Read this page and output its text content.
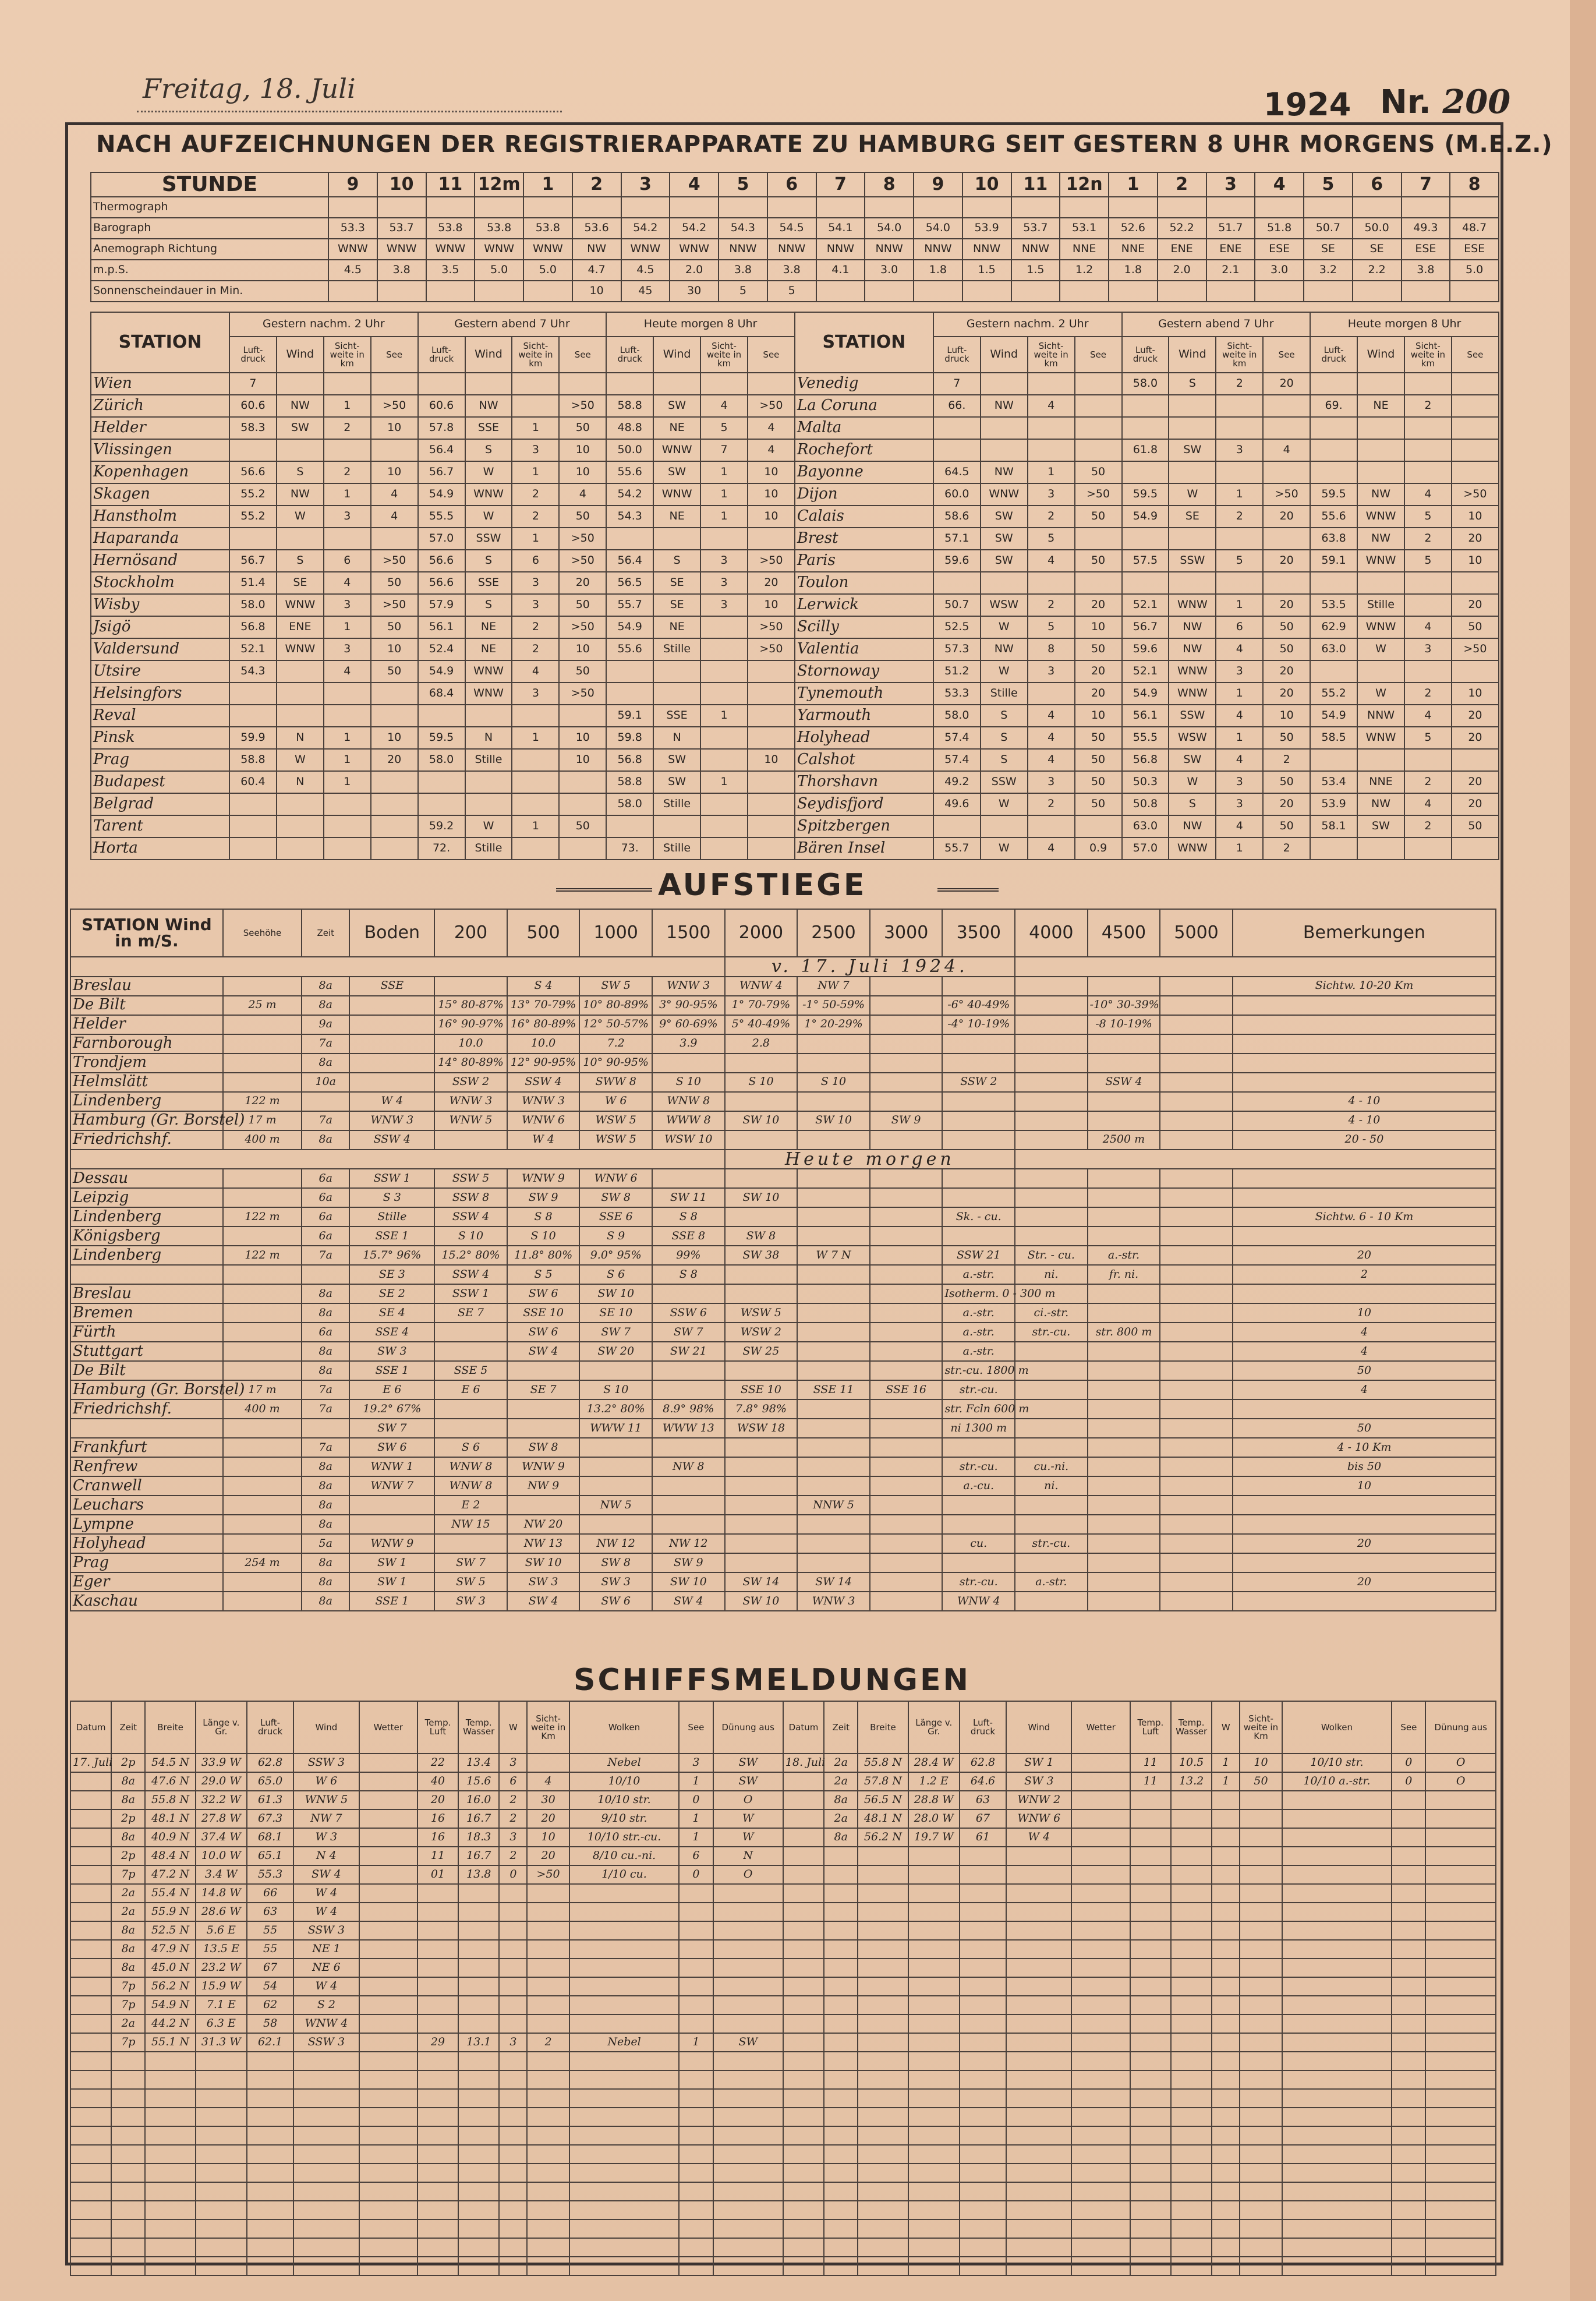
Freitag, 18. Juli	1924 Nr. 200
NACH AUFZEICHNUNGEN DER REGISTRIERAPPARATE ZU HAMBURG SEIT GESTERN 8 UHR MORGENS (M.E.Z.)
STUNDE	9	10	11	12m	1	2	3	4	5	6	7	8	9	10	11	12n	1	2	3	4	5	6	7	8
Thermograph																								
Barograph	53.3	53.7	53.8	53.8	53.8	53.6	54.2	54.2	54.3	54.5	54.1	54.0	54.0	53.9	53.7	53.1	52.6	52.2	51.7	51.8	50.7	50.0	49.3	48.7
Anemograph Richtung	WNW	WNW	WNW	WNW	WNW	NW	WNW	WNW	NNW	NNW	NNW	NNW	NNW	NNW	NNW	NNE	NNE	ENE	ENE	ESE	SE	SE	ESE	ESE
m.p.S.	4.5	3.8	3.5	5.0	5.0	4.7	4.5	2.0	3.8	3.8	4.1	3.0	1.8	1.5	1.5	1.2	1.8	2.0	2.1	3.0	3.2	2.2	3.8	5.0
Sonnenscheindauer in Min.						10	45	30	5	5														
STATION	Gestern nachm. 2 Uhr				Gestern abend 7 Uhr				Heute morgen 8 Uhr				STATION	Gestern nachm. 2 Uhr				Gestern abend 7 Uhr				Heute morgen 8 Uhr			
	Luft-druck	Wind	Sicht-weite in km	See	Luft-druck	Wind	Sicht-weite in km	See	Luft-druck	Wind	Sicht-weite in km	See		Luft-druck	Wind	Sicht-weite in km	See	Luft-druck	Wind	Sicht-weite in km	See	Luft-druck	Wind	Sicht-weite in km	See
Wien	7												Venedig	7				58.0	S	2	20				
Zürich	60.6	NW	1	>50	60.6	NW		>50	58.8	SW	4	>50	La Coruna	66.	NW	4						69.	NE	2	
Helder	58.3	SW	2	10	57.8	SSE	1	50	48.8	NE	5	4	Malta												
Vlissingen					56.4	S	3	10	50.0	WNW	7	4	Rochefort					61.8	SW	3	4				
Kopenhagen	56.6	S	2	10	56.7	W	1	10	55.6	SW	1	10	Bayonne	64.5	NW	1	50								
Skagen	55.2	NW	1	4	54.9	WNW	2	4	54.2	WNW	1	10	Dijon	60.0	WNW	3	>50	59.5	W	1	>50	59.5	NW	4	>50
Hanstholm	55.2	W	3	4	55.5	W	2	50	54.3	NE	1	10	Calais	58.6	SW	2	50	54.9	SE	2	20	55.6	WNW	5	10
Haparanda					57.0	SSW	1	>50					Brest	57.1	SW	5						63.8	NW	2	20
Hernösand	56.7	S	6	>50	56.6	S	6	>50	56.4	S	3	>50	Paris	59.6	SW	4	50	57.5	SSW	5	20	59.1	WNW	5	10
Stockholm	51.4	SE	4	50	56.6	SSE	3	20	56.5	SE	3	20	Toulon												
Wisby	58.0	WNW	3	>50	57.9	S	3	50	55.7	SE	3	10	Lerwick	50.7	WSW	2	20	52.1	WNW	1	20	53.5	Stille		20
Jsigö	56.8	ENE	1	50	56.1	NE	2	>50	54.9	NE		>50	Scilly	52.5	W	5	10	56.7	NW	6	50	62.9	WNW	4	50
Valdersund	52.1	WNW	3	10	52.4	NE	2	10	55.6	Stille		>50	Valentia	57.3	NW	8	50	59.6	NW	4	50	63.0	W	3	>50
Utsire	54.3		4	50	54.9	WNW	4	50					Stornoway	51.2	W	3	20	52.1	WNW	3	20				
Helsingfors					68.4	WNW	3	>50					Tynemouth	53.3	Stille		20	54.9	WNW	1	20	55.2	W	2	10
Reval									59.1	SSE	1		Yarmouth	58.0	S	4	10	56.1	SSW	4	10	54.9	NNW	4	20
Pinsk	59.9	N	1	10	59.5	N	1	10	59.8	N			Holyhead	57.4	S	4	50	55.5	WSW	1	50	58.5	WNW	5	20
Prag	58.8	W	1	20	58.0	Stille		10	56.8	SW		10	Calshot	57.4	S	4	50	56.8	SW	4	2				
Budapest	60.4	N	1						58.8	SW	1		Thorshavn	49.2	SSW	3	50	50.3	W	3	50	53.4	NNE	2	20
Belgrad									58.0	Stille			Seydisfjord	49.6	W	2	50	50.8	S	3	20	53.9	NW	4	20
Tarent					59.2	W	1	50					Spitzbergen					63.0	NW	4	50	58.1	SW	2	50
Horta					72.	Stille			73.	Stille			Bären Insel	55.7	W	4	0.9	57.0	WNW	1	2				
AUFSTIEGE
STATION Wind in m/S.	Seehöhe	Zeit	Boden	200	500	1000	1500	2000	2500	3000	3500	4000	4500	5000	Bemerkungen
								v. 17. Juli 1924.							
Breslau		8a	SSE		S 4	SW 5	WNW 3	WNW 4	NW 7						Sichtw. 10-20 Km
De Bilt	25 m	8a		15° 80-87%	13° 70-79%	10° 80-89%	3° 90-95%	1° 70-79%	-1° 50-59%		-6° 40-49%		-10° 30-39%		
Helder		9a		16° 90-97%	16° 80-89%	12° 50-57%	9° 60-69%	5° 40-49%	1° 20-29%		-4° 10-19%		-8 10-19%		
Farnborough		7a		10.0	10.0	7.2	3.9	2.8							
Trondjem		8a		14° 80-89%	12° 90-95%	10° 90-95%									
Helmslätt		10a		SSW 2	SSW 4	SWW 8	S 10	S 10	S 10		SSW 2		SSW 4		
Lindenberg	122 m		W 4	WNW 3	WNW 3	W 6	WNW 8								4 - 10
Hamburg (Gr. Borstel)	17 m	7a	WNW 3	WNW 5	WNW 6	WSW 5	WWW 8	SW 10	SW 10	SW 9					4 - 10
Friedrichshf.	400 m	8a	SSW 4		W 4	WSW 5	WSW 10						2500 m		20 - 50
								Heute morgen							
Dessau		6a	SSW 1	SSW 5	WNW 9	WNW 6									
Leipzig		6a	S 3	SSW 8	SW 9	SW 8	SW 11	SW 10							
Lindenberg	122 m	6a	Stille	SSW 4	S 8	SSE 6	S 8				Sk. - cu.				Sichtw. 6 - 10 Km
Königsberg		6a	SSE 1	S 10	S 10	S 9	SSE 8	SW 8							
Lindenberg	122 m	7a	15.7° 96%	15.2° 80%	11.8° 80%	9.0° 95%	99%	SW 38	W 7 N		SSW 21	Str. - cu.	a.-str.		20
			SE 3	SSW 4	S 5	S 6	S 8				a.-str.	ni.	fr. ni.		2
Breslau		8a	SE 2	SSW 1	SW 6	SW 10					Isotherm. 0 - 300 m				
Bremen		8a	SE 4	SE 7	SSE 10	SE 10	SSW 6	WSW 5			a.-str.	ci.-str.			10
Fürth		6a	SSE 4		SW 6	SW 7	SW 7	WSW 2			a.-str.	str.-cu.	str. 800 m		4
Stuttgart		8a	SW 3		SW 4	SW 20	SW 21	SW 25			a.-str.				4
De Bilt		8a	SSE 1	SSE 5							str.-cu. 1800 m				50
Hamburg (Gr. Borstel)	17 m	7a	E 6	E 6	SE 7	S 10		SSE 10	SSE 11	SSE 16	str.-cu.				4
Friedrichshf.	400 m	7a	19.2° 67%			13.2° 80%	8.9° 98%	7.8° 98%			str. Fcln 600 m				
			SW 7			WWW 11	WWW 13	WSW 18			ni 1300 m				50
Frankfurt		7a	SW 6	S 6	SW 8										4 - 10 Km
Renfrew		8a	WNW 1	WNW 8	WNW 9		NW 8				str.-cu.	cu.-ni.			bis 50
Cranwell		8a	WNW 7	WNW 8	NW 9						a.-cu.	ni.			10
Leuchars		8a		E 2		NW 5			NNW 5						
Lympne		8a		NW 15	NW 20										
Holyhead		5a	WNW 9		NW 13	NW 12	NW 12				cu.	str.-cu.			20
Prag	254 m	8a	SW 1	SW 7	SW 10	SW 8	SW 9								
Eger		8a	SW 1	SW 5	SW 3	SW 3	SW 10	SW 14	SW 14		str.-cu.	a.-str.			20
Kaschau		8a	SSE 1	SW 3	SW 4	SW 6	SW 4	SW 10	WNW 3		WNW 4				
SCHIFFSMELDUNGEN
Datum	Zeit	Breite	Länge v. Gr.	Luft-druck	Wind	Wetter	Temp. Luft	Temp. Wasser	W	Sicht-weite in Km	Wolken	See	Dünung aus	Datum	Zeit	Breite	Länge v. Gr.	Luft-druck	Wind	Wetter	Temp. Luft	Temp. Wasser	W	Sicht-weite in Km	Wolken	See	Dünung aus
17. Juli	2p	54.5 N	33.9 W	62.8	SSW 3		22	13.4	3		Nebel	3	SW	18. Juli	2a	55.8 N	28.4 W	62.8	SW 1		11	10.5	1	10	10/10 str.	0	O
	8a	47.6 N	29.0 W	65.0	W 6		40	15.6	6	4	10/10	1	SW		2a	57.8 N	1.2 E	64.6	SW 3		11	13.2	1	50	10/10 a.-str.	0	O
	8a	55.8 N	32.2 W	61.3	WNW 5		20	16.0	2	30	10/10 str.	0	O		8a	56.5 N	28.8 W	63	WNW 2								
	2p	48.1 N	27.8 W	67.3	NW 7		16	16.7	2	20	9/10 str.	1	W		2a	48.1 N	28.0 W	67	WNW 6								
	8a	40.9 N	37.4 W	68.1	W 3		16	18.3	3	10	10/10 str.-cu.	1	W		8a	56.2 N	19.7 W	61	W 4								
	2p	48.4 N	10.0 W	65.1	N 4		11	16.7	2	20	8/10 cu.-ni.	6	N														
	7p	47.2 N	3.4 W	55.3	SW 4		01	13.8	0	>50	1/10 cu.	0	O														
	2a	55.4 N	14.8 W	66	W 4																						
	2a	55.9 N	28.6 W	63	W 4																						
	8a	52.5 N	5.6 E	55	SSW 3																						
	8a	47.9 N	13.5 E	55	NE 1																						
	8a	45.0 N	23.2 W	67	NE 6																						
	7p	56.2 N	15.9 W	54	W 4																						
	7p	54.9 N	7.1 E	62	S 2																						
	2a	44.2 N	6.3 E	58	WNW 4																						
	7p	55.1 N	31.3 W	62.1	SSW 3		29	13.1	3	2	Nebel	1	SW														
